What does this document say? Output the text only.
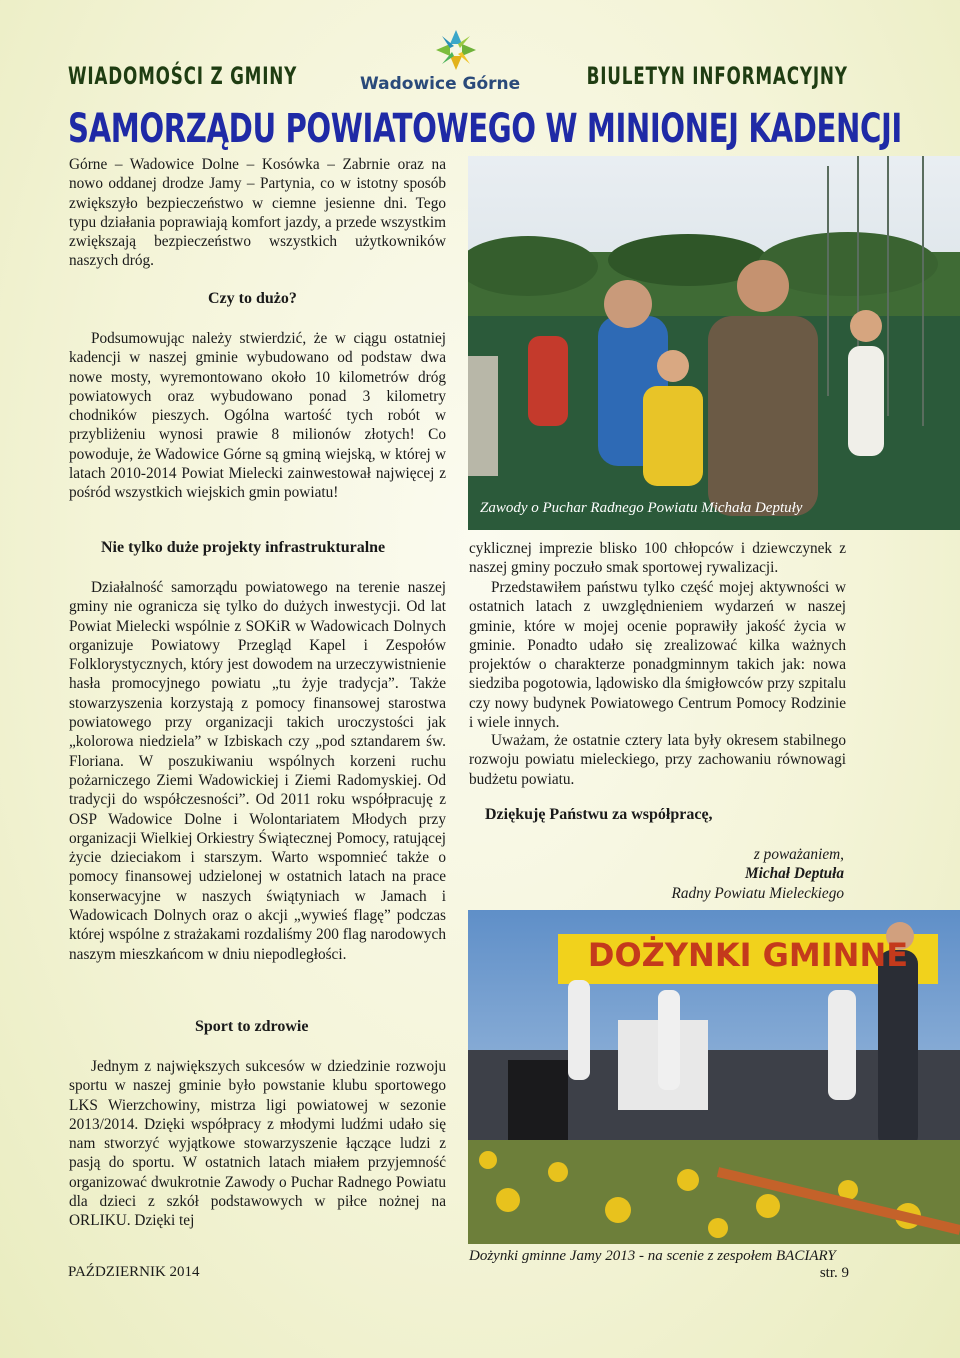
WIADOMOŚCI Z GMINY	Wadowice Górne	BIULETYN INFORMACYJNY
SAMORZĄDU POWIATOWEGO W MINIONEJ KADENCJI

Górne – Wadowice Dolne – Kosówka – Zabrnie oraz na nowo oddanej drodze Jamy – Partynia, co w istotny sposób zwiększyło bezpieczeństwo w ciemne jesienne dni. Tego typu działania poprawiają komfort jazdy, a przede wszystkim zwiększają bezpieczeństwo wszystkich użytkowników naszych dróg.

Czy to dużo?

Podsumowując należy stwierdzić, że w ciągu ostatniej kadencji w naszej gminie wybudowano od podstaw dwa nowe mosty, wyremontowano około 10 kilometrów dróg powiatowych oraz wybudowano ponad 3 kilometry chodników pieszych. Ogólna wartość tych robót w przybliżeniu wynosi prawie 8 milionów złotych! Co powoduje, że Wadowice Górne są gminą wiejską, w której w latach 2010-2014 Powiat Mielecki zainwestował najwięcej z pośród wszystkich wiejskich gmin powiatu!

Nie tylko duże projekty infrastrukturalne

Działalność samorządu powiatowego na terenie naszej gminy nie ogranicza się tylko do dużych inwestycji. Od lat Powiat Mielecki wspólnie z SOKiR w Wadowicach Dolnych organizuje Powiatowy Przegląd Kapel i Zespołów Folklorystycznych, który jest dowodem na urzeczywistnienie hasła promocyjnego powiatu „tu żyje tradycja”. Także stowarzyszenia korzystają z pomocy finansowej starostwa powiatowego przy organizacji takich uroczystości jak „kolorowa niedziela” w Izbiskach czy „pod sztandarem św. Floriana. W poszukiwaniu wspólnych korzeni ruchu pożarniczego Ziemi Wadowickiej i Ziemi Radomyskiej. Od tradycji do współczesności”. Od 2011 roku współpracuję z OSP Wadowice Dolne i Wolontariatem Młodych przy organizacji Wielkiej Orkiestry Świątecznej Pomocy, ratującej życie dzieciakom i starszym. Warto wspomnieć także o pomocy finansowej udzielonej w ostatnich latach na prace konserwacyjne w naszych świątyniach w Jamach i Wadowicach Dolnych oraz o akcji „wywieś flagę” podczas której wspólne z strażakami rozdaliśmy 200 flag narodowych naszym mieszkańcom w dniu niepodległości.

Sport to zdrowie

Jednym z największych sukcesów w dziedzinie rozwoju sportu w naszej gminie było powstanie klubu sportowego LKS Wierzchowiny, mistrza ligi powiatowej w sezonie 2013/2014. Dzięki współpracy z młodymi ludźmi udało się nam stworzyć wyjątkowe stowarzyszenie łączące ludzi z pasją do sportu. W ostatnich latach miałem przyjemność organizować dwukrotnie Zawody o Puchar Radnego Powiatu dla dzieci z szkół podstawowych w piłce nożnej na ORLIKU. Dzięki tej

Zawody o Puchar Radnego Powiatu Michała Deptuły

cyklicznej imprezie blisko 100 chłopców i dziewczynek z naszej gminy poczuło smak sportowej rywalizacji.

Przedstawiłem państwu tylko część mojej aktywności w ostatnich latach z uwzględnieniem wydarzeń w naszej gminie, które w mojej ocenie poprawiły jakość życia w gminie. Ponadto udało się zrealizować kilka ważnych projektów o charakterze ponadgminnym takich jak: nowa siedziba pogotowia, lądowisko dla śmigłowców przy szpitalu czy nowy budynek Powiatowego Centrum Pomocy Rodzinie i wiele innych.

Uważam, że ostatnie cztery lata były okresem stabilnego rozwoju powiatu mieleckiego, przy zachowaniu równowagi budżetu powiatu.

Dziękuję Państwu za współpracę,
z poważaniem,
Michał Deptuła
Radny Powiatu Mieleckiego
DOŻYNKI GMINNE
Dożynki gminne Jamy 2013 - na scenie z zespołem BACIARY
PAŹDZIERNIK 2014	str. 9
